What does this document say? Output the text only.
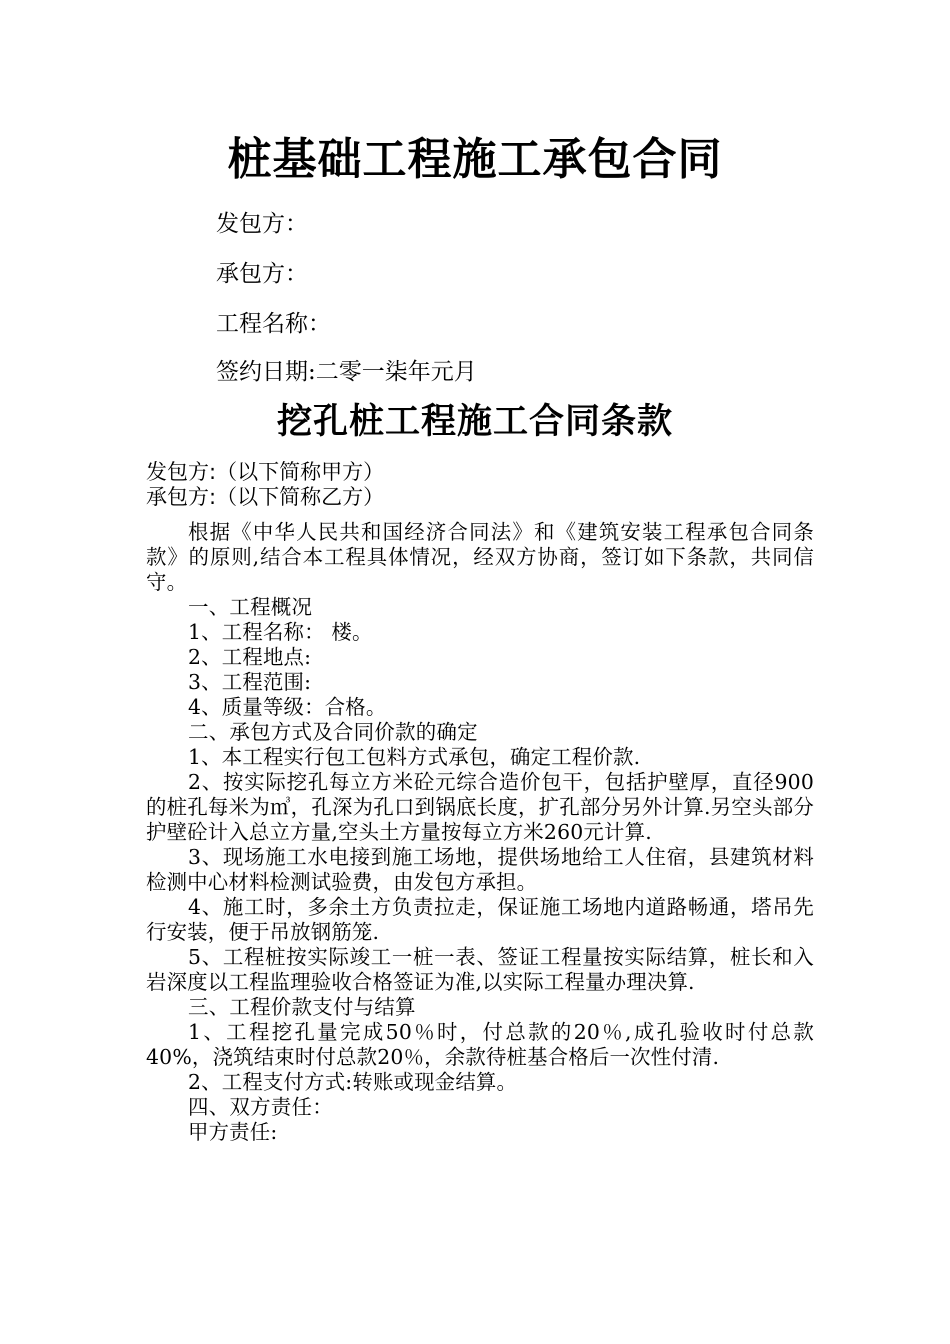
桩基础工程施工承包合同

发包方：

承包方：

工程名称：

签约日期:二零一柒年元月

挖孔桩工程施工合同条款
发包方:（以下简称甲方）
承包方:（以下简称乙方）

根据《中华人民共和国经济合同法》和《建筑安装工程承包合同条款》的原则,结合本工程具体情况，经双方协商，签订如下条款，共同信守。

一、工程概况

1、工程名称： 楼。

2、工程地点:

3、工程范围:

4、质量等级：合格。

二、承包方式及合同价款的确定

1、本工程实行包工包料方式承包，确定工程价款.

2、按实际挖孔每立方米砼元综合造价包干，包括护壁厚，直径900的桩孔每米为㎥，孔深为孔口到锅底长度，扩孔部分另外计算.另空头部分护壁砼计入总立方量,空头土方量按每立方米260元计算.

3、现场施工水电接到施工场地，提供场地给工人住宿，县建筑材料检测中心材料检测试验费，由发包方承担。

4、施工时，多余土方负责拉走，保证施工场地内道路畅通，塔吊先行安装，便于吊放钢筋笼.

5、工程桩按实际竣工一桩一表、签证工程量按实际结算，桩长和入岩深度以工程监理验收合格签证为准,以实际工程量办理决算.

三、工程价款支付与结算

1、工程挖孔量完成50％时，付总款的20％,成孔验收时付总款40%，浇筑结束时付总款20％，余款待桩基合格后一次性付清.

2、工程支付方式:转账或现金结算。

四、双方责任：

甲方责任:
